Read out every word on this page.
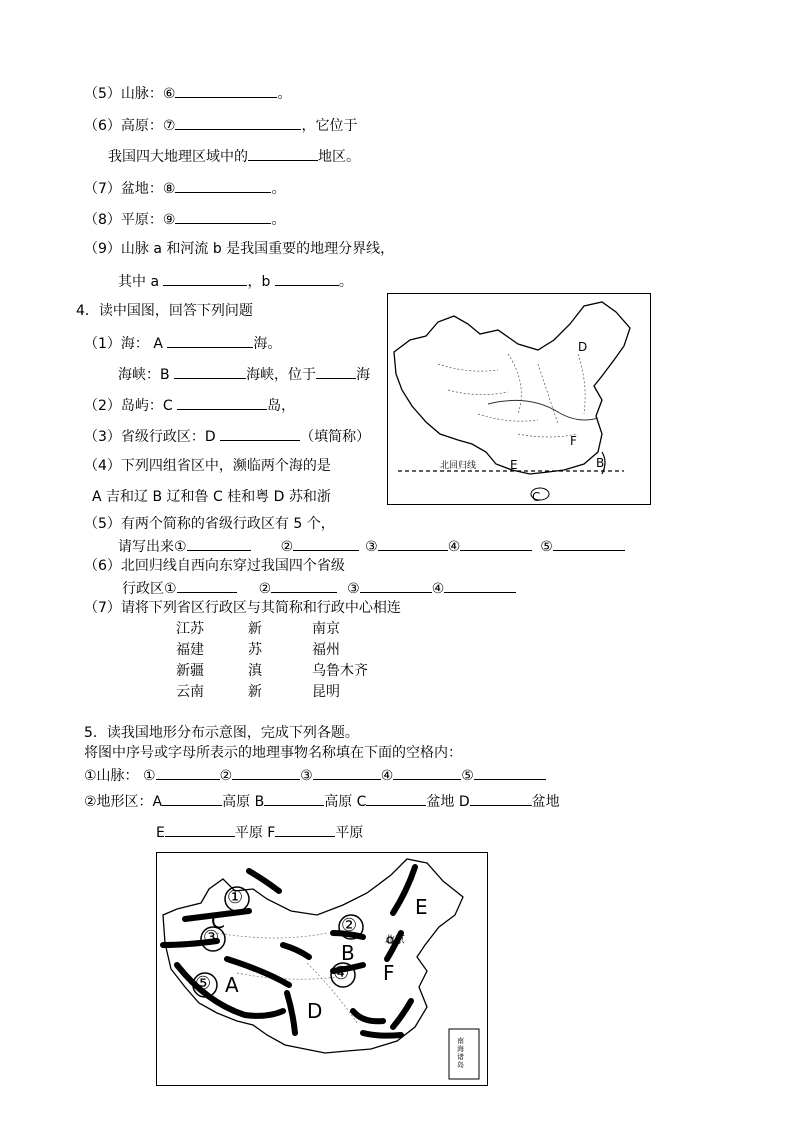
（5）山脉：⑥	。
（6）高原：⑦	，它位于
我国四大地理区域中的	地区。
（7）盆地：⑧	。
（8）平原：⑨	。
（9）山脉 a 和河流 b 是我国重要的地理分界线，
其中 a	，b	。
4．读中国图，回答下列问题
（1）海： A	海。
海峡：B	海峡，位于	海
（2）岛屿：C	岛，
（3）省级行政区：D	（填简称）
（4）下列四组省区中，濒临两个海的是
A 吉和辽 B 辽和鲁 C 桂和粤 D 苏和浙
（5）有两个简称的省级行政区有 5 个，
请写出来①	②	③	④	⑤
（6）北回归线自西向东穿过我国四个省级
行政区①	②	③	④
（7）请将下列省区行政区与其简称和行政中心相连
江苏	新	南京
福建	苏	福州
新疆	滇	乌鲁木齐
云南	新	昆明
D
北回归线	E
F
B
C
5．读我国地形分布示意图，完成下列各题。
将图中序号或字母所表示的地理事物名称填在下面的空格内：
①山脉： ①	②	③	④	⑤
②地形区：A	高原 B	高原 C	盆地 D	盆地
E	平原 F	平原
①
C
③
⑤ A
②
B
④
北京
F
E
D
南海诸岛
